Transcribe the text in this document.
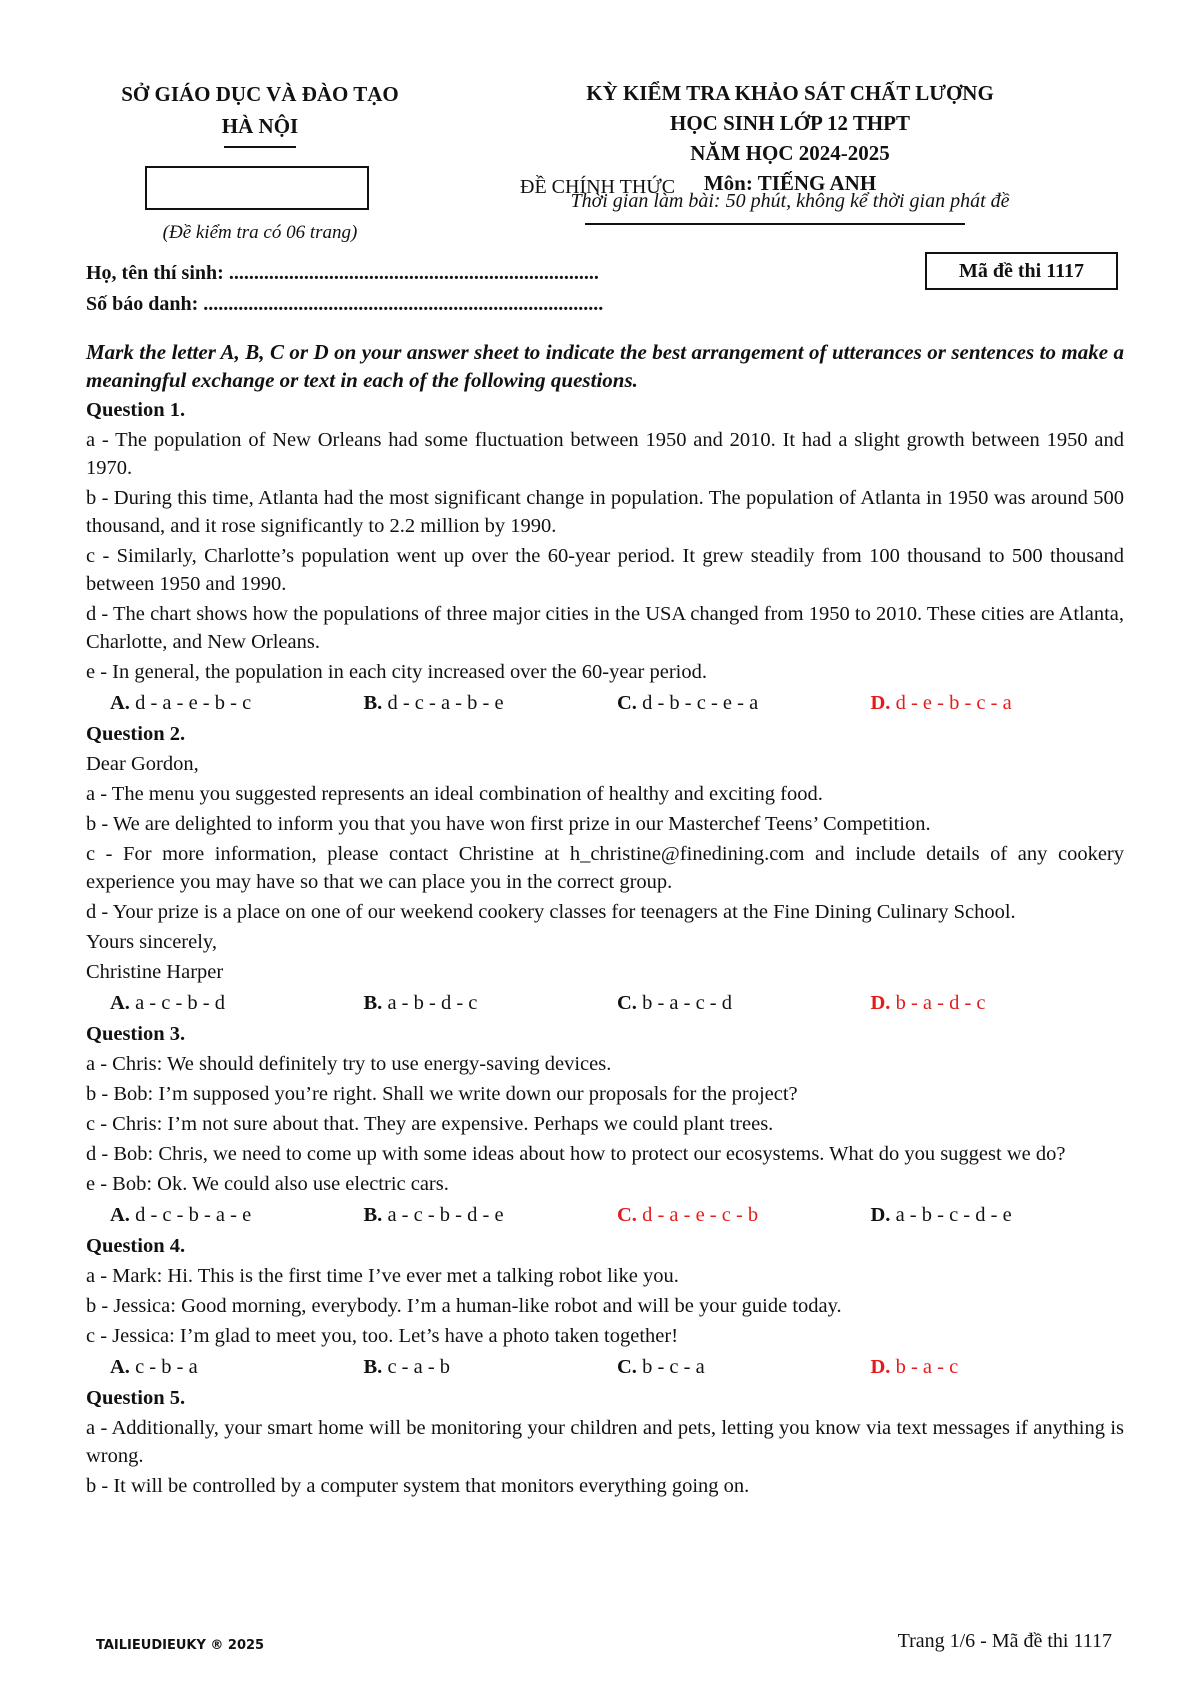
SỞ GIÁO DỤC VÀ ĐÀO TẠO
HÀ NỘI
ĐỀ CHÍNH THỨC
(Đề kiểm tra có 06 trang)
KỲ KIỂM TRA KHẢO SÁT CHẤT LƯỢNG
HỌC SINH LỚP 12 THPT
NĂM HỌC 2024-2025
Môn: TIẾNG ANH
Thời gian làm bài: 50 phút, không kể thời gian phát đề
Mã đề thi 1117
Họ, tên thí sinh: ..........................................................................
Số báo danh: ................................................................................
Mark the letter A, B, C or D on your answer sheet to indicate the best arrangement of utterances or sentences to make a meaningful exchange or text in each of the following questions.
Question 1.
a - The population of New Orleans had some fluctuation between 1950 and 2010. It had a slight growth between 1950 and 1970.
b - During this time, Atlanta had the most significant change in population. The population of Atlanta in 1950 was around 500 thousand, and it rose significantly to 2.2 million by 1990.
c - Similarly, Charlotte’s population went up over the 60-year period. It grew steadily from 100 thousand to 500 thousand between 1950 and 1990.
d - The chart shows how the populations of three major cities in the USA changed from 1950 to 2010. These cities are Atlanta, Charlotte, and New Orleans.
e - In general, the population in each city increased over the 60-year period.
A. d - a - e - b - c	B. d - c - a - b - e	C. d - b - c - e - a	D. d - e - b - c - a
Question 2.
Dear Gordon,
a - The menu you suggested represents an ideal combination of healthy and exciting food.
b - We are delighted to inform you that you have won first prize in our Masterchef Teens’ Competition.
c - For more information, please contact Christine at h_christine@finedining.com and include details of any cookery experience you may have so that we can place you in the correct group.
d - Your prize is a place on one of our weekend cookery classes for teenagers at the Fine Dining Culinary School.
Yours sincerely,
Christine Harper
A. a - c - b - d	B. a - b - d - c	C. b - a - c - d	D. b - a - d - c
Question 3.
a - Chris: We should definitely try to use energy-saving devices.
b - Bob: I’m supposed you’re right. Shall we write down our proposals for the project?
c - Chris: I’m not sure about that. They are expensive. Perhaps we could plant trees.
d - Bob: Chris, we need to come up with some ideas about how to protect our ecosystems. What do you suggest we do?
e - Bob: Ok. We could also use electric cars.
A. d - c - b - a - e	B. a - c - b - d - e	C. d - a - e - c - b	D. a - b - c - d - e
Question 4.
a - Mark: Hi. This is the first time I’ve ever met a talking robot like you.
b - Jessica: Good morning, everybody. I’m a human-like robot and will be your guide today.
c - Jessica: I’m glad to meet you, too. Let’s have a photo taken together!
A. c - b - a	B. c - a - b	C. b - c - a	D. b - a - c
Question 5.
a - Additionally, your smart home will be monitoring your children and pets, letting you know via text messages if anything is wrong.
b - It will be controlled by a computer system that monitors everything going on.
TAILIEUDIEUKY ® 2025	Trang 1/6 - Mã đề thi 1117
